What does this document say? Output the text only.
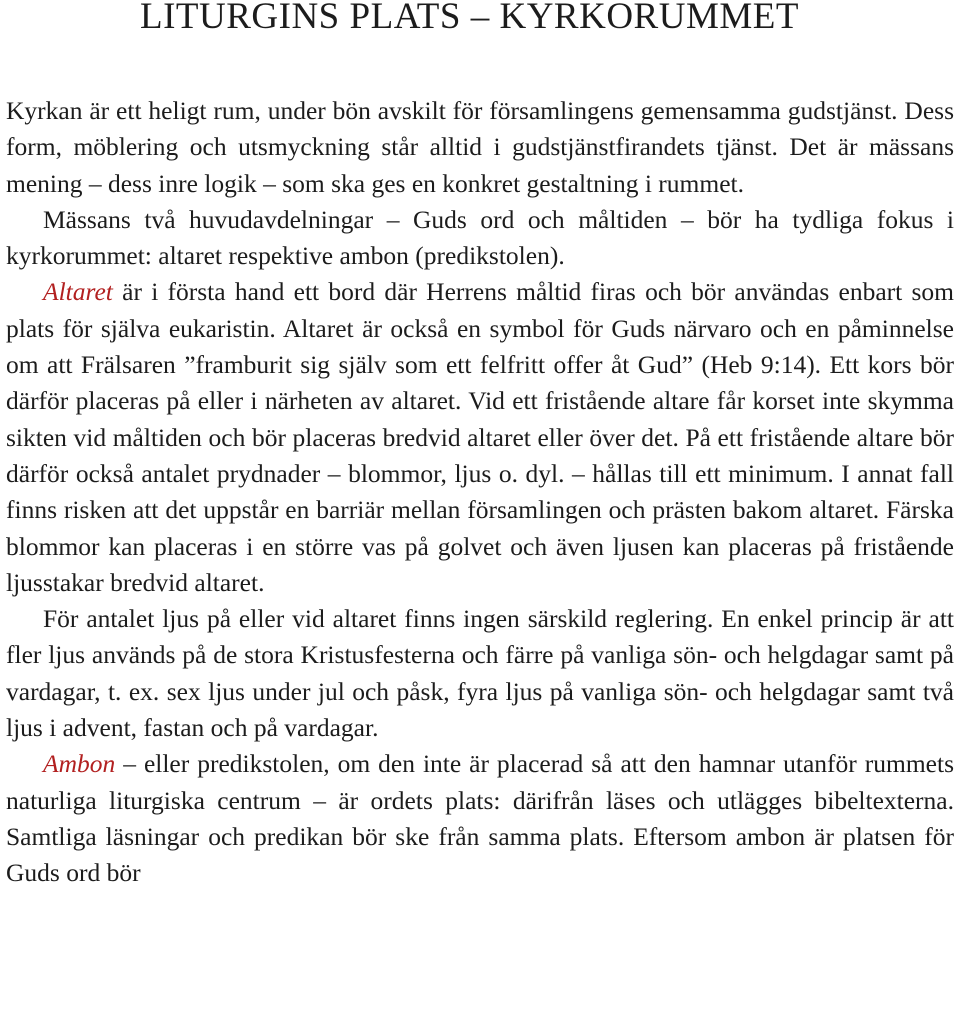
LITURGINS PLATS – KYRKORUMMET

Kyrkan är ett heligt rum, under bön avskilt för församlingens gemensamma gudstjänst. Dess form, möblering och utsmyckning står alltid i gudstjänstfirandets tjänst. Det är mässans mening – dess inre logik – som ska ges en konkret gestaltning i rummet.

Mässans två huvudavdelningar – Guds ord och måltiden – bör ha tydliga fokus i kyrkorummet: altaret respektive ambon (predikstolen).

Altaret är i första hand ett bord där Herrens måltid firas och bör användas enbart som plats för själva eukaristin. Altaret är också en symbol för Guds närvaro och en påminnelse om att Frälsaren ”framburit sig själv som ett felfritt offer åt Gud” (Heb 9:14). Ett kors bör därför placeras på eller i närheten av altaret. Vid ett fristående altare får korset inte skymma sikten vid måltiden och bör placeras bredvid altaret eller över det. På ett fristående altare bör därför också antalet prydnader – blommor, ljus o. dyl. – hållas till ett minimum. I annat fall finns risken att det uppstår en barriär mellan församlingen och prästen bakom altaret. Färska blommor kan placeras i en större vas på golvet och även ljusen kan placeras på fristående ljusstakar bredvid altaret.

För antalet ljus på eller vid altaret finns ingen särskild reglering. En enkel princip är att fler ljus används på de stora Kristusfesterna och färre på vanliga sön- och helgdagar samt på vardagar, t. ex. sex ljus under jul och påsk, fyra ljus på vanliga sön- och helgdagar samt två ljus i advent, fastan och på vardagar.

Ambon – eller predikstolen, om den inte är placerad så att den hamnar utanför rummets naturliga liturgiska centrum – är ordets plats: därifrån läses och utlägges bibeltexterna. Samtliga läsningar och predikan bör ske från samma plats. Eftersom ambon är platsen för Guds ord bör
